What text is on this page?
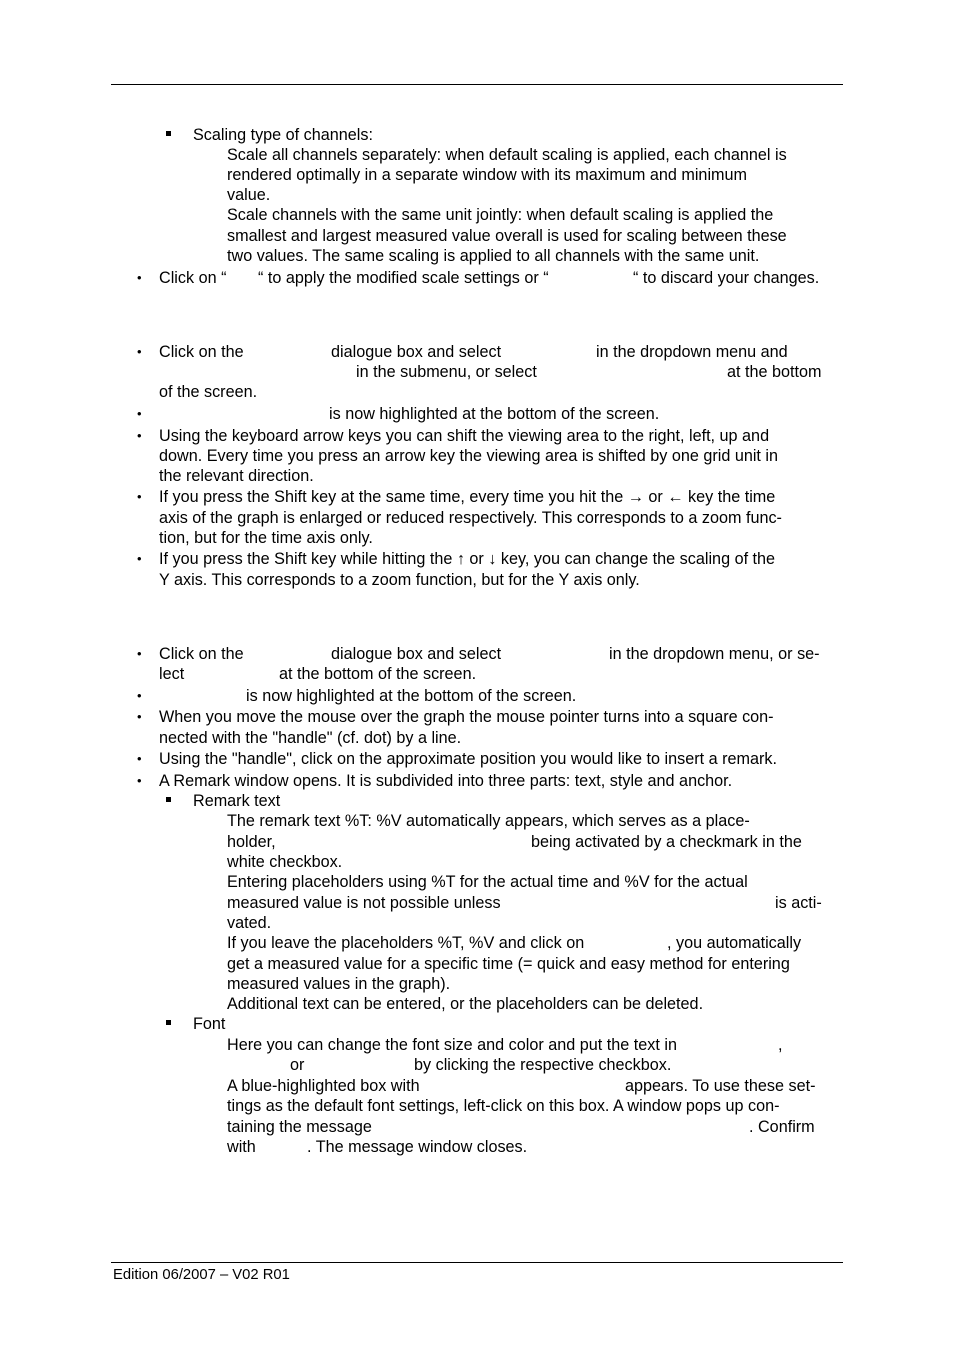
Scaling type of channels:
Scale all channels separately: when default scaling is applied, each channel is
rendered optimally in a separate window with its maximum and minimum
value.
Scale channels with the same unit jointly: when default scaling is applied the
smallest and largest measured value overall is used for scaling between these
two values. The same scaling is applied to all channels with the same unit.
• Click on “ “ to apply the modified scale settings or “	“ to discard your changes.
• Click on the	dialogue box and select	in the dropdown menu and
in the submenu, or select	at the bottom
of the screen.
•	is now highlighted at the bottom of the screen.
• Using the keyboard arrow keys you can shift the viewing area to the right, left, up and
down. Every time you press an arrow key the viewing area is shifted by one grid unit in
the relevant direction.
• If you press the Shift key at the same time, every time you hit the → or ← key the time
axis of the graph is enlarged or reduced respectively. This corresponds to a zoom func-
tion, but for the time axis only.
• If you press the Shift key while hitting the ↑ or ↓ key, you can change the scaling of the
Y axis. This corresponds to a zoom function, but for the Y axis only.
• Click on the	dialogue box and select	in the dropdown menu, or se-
lect	at the bottom of the screen.
•	is now highlighted at the bottom of the screen.
• When you move the mouse over the graph the mouse pointer turns into a square con-
nected with the "handle" (cf. dot) by a line.
• Using the "handle", click on the approximate position you would like to insert a remark.
• A Remark window opens. It is subdivided into three parts: text, style and anchor.
Remark text
The remark text %T: %V automatically appears, which serves as a place-
holder,	being activated by a checkmark in the
white checkbox.
Entering placeholders using %T for the actual time and %V for the actual
measured value is not possible unless	is acti-
vated.
If you leave the placeholders %T, %V and click on	, you automatically
get a measured value for a specific time (= quick and easy method for entering
measured values in the graph).
Additional text can be entered, or the placeholders can be deleted.
Font
Here you can change the font size and color and put the text in	,
or	by clicking the respective checkbox.
A blue-highlighted box with	appears. To use these set-
tings as the default font settings, left-click on this box. A window pops up con-
taining the message	. Confirm
with	. The message window closes.
Edition 06/2007 – V02 R01
